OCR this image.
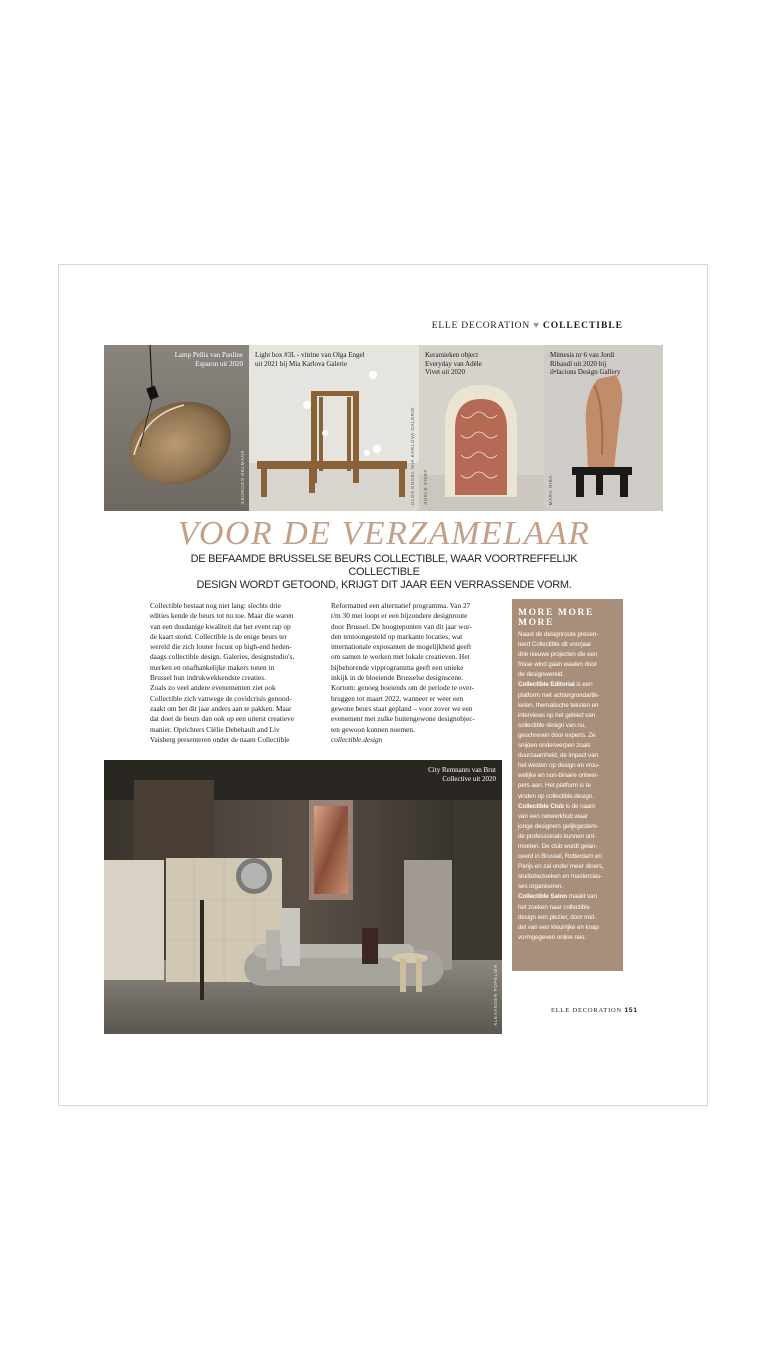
ELLE DECORATION ♥ COLLECTIBLE
Lamp Pellis van Pauline
Esparon uit 2020
GEORGES BELMANS
Light box #3L - vitrine van Olga Engel
uit 2021 bij Mia Karlova Galerie
OLGA ENGEL MIA KARLOVA GALERIE
Keramieken object
Everyday van Adèle
Vivet uit 2020
ADÈLE VIVET
Mimesis nr 6 van Jordi
Ribaudí uit 2020 bij
il•lacions Design Gallery
MARC RIBA
VOOR DE VERZAMELAAR
DE BEFAAMDE BRUSSELSE BEURS COLLECTIBLE, WAAR VOORTREFFELIJK COLLECTIBLE
DESIGN WORDT GETOOND, KRIJGT DIT JAAR EEN VERRASSENDE VORM.

Collectible bestaat nog niet lang: slechts drie

edities kende de beurs tot nu toe. Maar die waren

van een dusdanige kwaliteit dat het event rap op

de kaart stond. Collectible is de enige beurs ter

wereld die zich louter focust op high-end heden-

daags collectible design. Galeries, designstudio's,

merken en onafhankelijke makers tonen in

Brussel hun indrukwekkendste creaties.

Zoals zo veel andere evenementen ziet ook

Collectible zich vanwege de covidcrisis genood-

zaakt om het dit jaar anders aan te pakken. Maar

dat doet de beurs dan ook op een uiterst creatieve

manier. Oprichters Clélie Debehault and Liv

Vaisberg presenteren onder de naam Collectible

Reformatted een alternatief programma. Van 27

t/m 30 mei loopt er een bijzondere designroute

door Brussel. De hoogtepunten van dit jaar wor-

den tentoongesteld op markante locaties, wat

internationale exposanten de mogelijkheid geeft

om samen te werken met lokale creatieven. Het

bijbehorende vipprogramma geeft een unieke

inkijk in de bloeiende Brusselse designscene.

Kortom: genoeg boeiends om de periode te over-

bruggen tot maart 2022, wanneer er weer een

gewone beurs staat gepland – voor zover we een

evenement met zulke buitengewone designobjec-

ten gewoon kunnen noemen.

collectible.design

MORE MORE
MORE

Naast de designroute presen-

teert Collectible dit voorjaar

drie nieuwe projecten die een

frisse wind gaan waaien door

de designwereld.

Collectible Editorial is een

platform met achtergrondartik-

kelen, thematische teksten en

interviews op het gebied van

collectible design van nu,

geschreven door experts. Ze

snijden onderwerpen zoals

duurzaamheid, de impact van

het westen op design en vrou-

welijke en non-binaire ontwer-

pers aan. Het platform is te

vinden op collectible.design.

Collectible Club is de naam

van een netwerkhub waar

jonge designers gelijkgestem-

de professionals kunnen ont-

moeten. De club wordt gelan-

ceerd in Brussel, Rotterdam en

Parijs en zal onder meer diners,

studiobezoeken en masterclas-

ses organiseren.

Collectible Salon maakt van

het zoeken naar collectible

design een plezier, door mid-

del van een kleurrijke en knap

vormgegeven online reis.

City Remnants van Brut
Collective uit 2020
ALEXANDER POPELIER	ELLE DECORATION 151
